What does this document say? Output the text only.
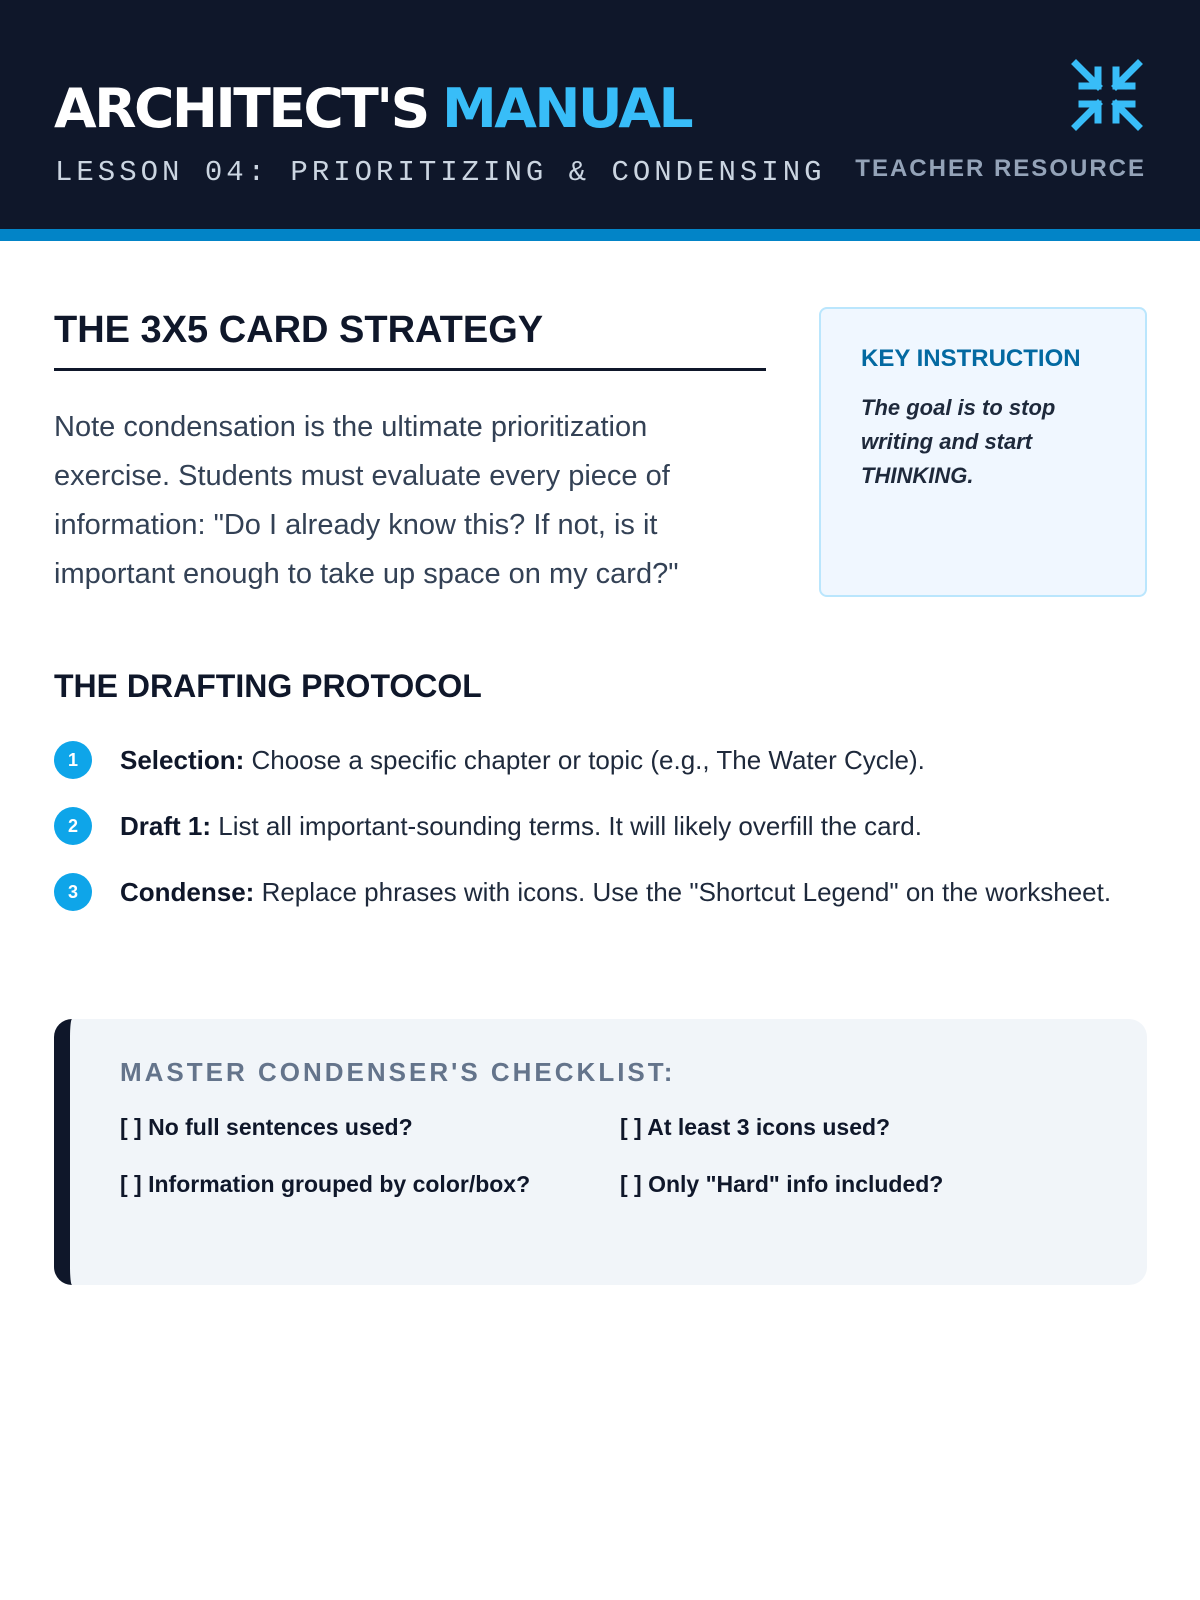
ARCHITECT'S MANUAL
LESSON 04: PRIORITIZING & CONDENSING TEACHER RESOURCE
THE 3X5 CARD STRATEGY

Note condensation is the ultimate prioritization exercise. Students must evaluate every piece of information: "Do I already know this? If not, is it important enough to take up space on my card?"

KEY INSTRUCTION

The goal is to stop writing and start THINKING.

THE DRAFTING PROTOCOL
1	Selection: Choose a specific chapter or topic (e.g., The Water Cycle).
2	Draft 1: List all important-sounding terms. It will likely overfill the card.
3	Condense: Replace phrases with icons. Use the "Shortcut Legend" on the worksheet.
MASTER CONDENSER'S CHECKLIST:
[ ] No full sentences used?	[ ] At least 3 icons used?
[ ] Information grouped by color/box?	[ ] Only "Hard" info included?
